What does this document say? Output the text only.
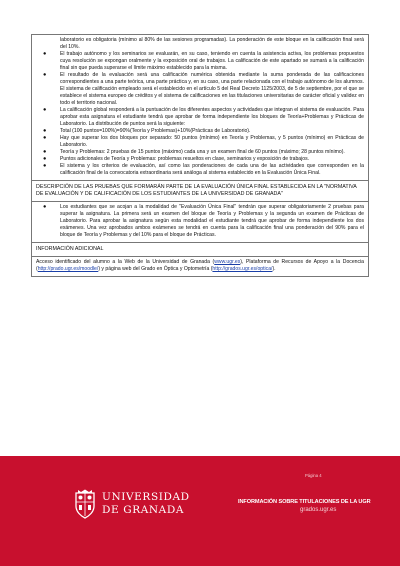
laboratorio es obligatoria (mínimo al 80% de las sesiones programadas). La ponderación de este bloque en la calificación final será del 10%.
●	El trabajo autónomo y los seminarios se evaluarán, en su caso, teniendo en cuenta la asistencia activa, los problemas propuestos cuya resolución se expongan oralmente y la exposición oral de trabajos. La calificación de este apartado se sumará a la calificación final sin que pueda superarse el límite máximo establecido para la misma.
●	El resultado de la evaluación será una calificación numérica obtenida mediante la suma ponderada de las calificaciones correspondientes a una parte teórica, una parte práctica y, en su caso, una parte relacionada con el trabajo autónomo de los alumnos. El sistema de calificación empleado será el establecido en el artículo 5 del Real Decreto 1125/2003, de 5 de septiembre, por el que se establece el sistema europeo de créditos y el sistema de calificaciones en las titulaciones universitarias de carácter oficial y validez en todo el territorio nacional.
●	La calificación global responderá a la puntuación de los diferentes aspectos y actividades que integran el sistema de evaluación. Para aprobar esta asignatura el estudiante tendrá que aprobar de forma independiente los bloques de Teoría+Problemas y Prácticas de Laboratorio. La distribución de puntos será la siguiente:
●	Total (100 puntos=100%)=90%(Teoría y Problemas)+10%(Prácticas de Laboratorio).
●	Hay que superar los dos bloques por separado: 50 puntos (mínimo) en Teoría y Problemas, y 5 puntos (mínimo) en Prácticas de Laboratorio.
●	Teoría y Problemas: 2 pruebas de 15 puntos (máximo) cada una y un examen final de 60 puntos (máximo; 28 puntos mínimo).
●	Puntos adicionales de Teoría y Problemas: problemas resueltos en clase, seminarios y exposición de trabajos.
●	El sistema y los criterios de evaluación, así como las ponderaciones de cada una de las actividades que corresponden en la calificación final de la convocatoria extraordinaria será análoga al sistema establecido en la Evaluación Única Final.
DESCRIPCIÓN DE LAS PRUEBAS QUE FORMARÁN PARTE DE LA EVALUACIÓN ÚNICA FINAL ESTABLECIDA EN LA "NORMATIVA DE EVALUACIÓN Y DE CALIFICACIÓN DE LOS ESTUDIANTES DE LA UNIVERSIDAD DE GRANADA"
●	Los estudiantes que se acojan a la modalidad de "Evaluación Única Final" tendrán que superar obligatoriamente 2 pruebas para superar la asignatura. La primera será un examen del bloque de Teoría y Problemas y la segunda un examen de Prácticas de Laboratorio. Para aprobar la asignatura según esta modalidad el estudiante tendrá que aprobar de forma independiente los dos exámenes. Una vez aprobados ambos exámenes se tendrá en cuenta para la calificación final una ponderación del 90% para el bloque de Teoría y Problemas y del 10% para el bloque de Prácticas.
INFORMACIÓN ADICIONAL

Acceso identificado del alumno a la Web de la Universidad de Granada (www.ugr.es), Plataforma de Recursos de Apoyo a la Docencia (http://prado.ugr.es/moodle/) y página web del Grado en Óptica y Optometría (http://grados.ugr.es/optica/).

UNIVERSIDAD
DE GRANADA
Página 4
INFORMACIÓN SOBRE TITULACIONES DE LA UGR
grados.ugr.es
